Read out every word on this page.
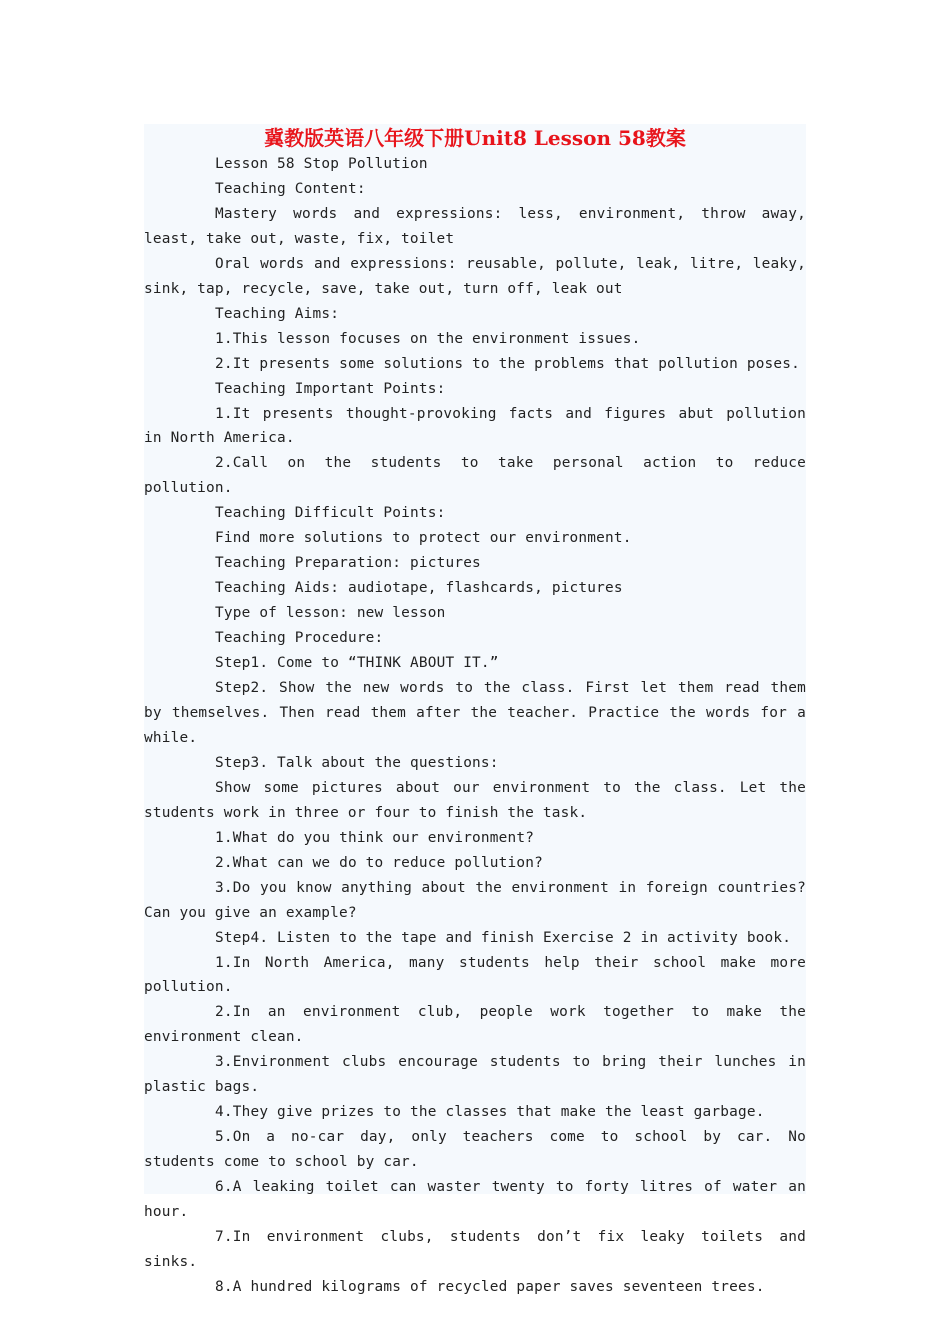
冀教版英语八年级下册Unit8 Lesson 58教案

Lesson 58 Stop Pollution

Teaching Content:

Mastery words and expressions: less, environment, throw away, least, take out, waste, fix, toilet

Oral words and expressions: reusable, pollute, leak, litre, leaky, sink, tap, recycle, save, take out, turn off, leak out

Teaching Aims:

1.This lesson focuses on the environment issues.

2.It presents some solutions to the problems that pollution poses.

Teaching Important Points:

1.It presents thought-provoking facts and figures abut pollution in North America.

2.Call on the students to take personal action to reduce pollution.

Teaching Difficult Points:

Find more solutions to protect our environment.

Teaching Preparation: pictures

Teaching Aids: audiotape, flashcards, pictures

Type of lesson: new lesson

Teaching Procedure:

Step1. Come to “THINK ABOUT IT.”

Step2. Show the new words to the class. First let them read them by themselves. Then read them after the teacher. Practice the words for a while.

Step3. Talk about the questions:

Show some pictures about our environment to the class. Let the students work in three or four to finish the task.

1.What do you think our environment?

2.What can we do to reduce pollution?

3.Do you know anything about the environment in foreign countries? Can you give an example?

Step4. Listen to the tape and finish Exercise 2 in activity book.

1.In North America, many students help their school make more pollution.

2.In an environment club, people work together to make the environment clean.

3.Environment clubs encourage students to bring their lunches in plastic bags.

4.They give prizes to the classes that make the least garbage.

5.On a no-car day, only teachers come to school by car. No students come to school by car.

6.A leaking toilet can waster twenty to forty litres of water an hour.

7.In environment clubs, students don’t fix leaky toilets and sinks.

8.A hundred kilograms of recycled paper saves seventeen trees.
